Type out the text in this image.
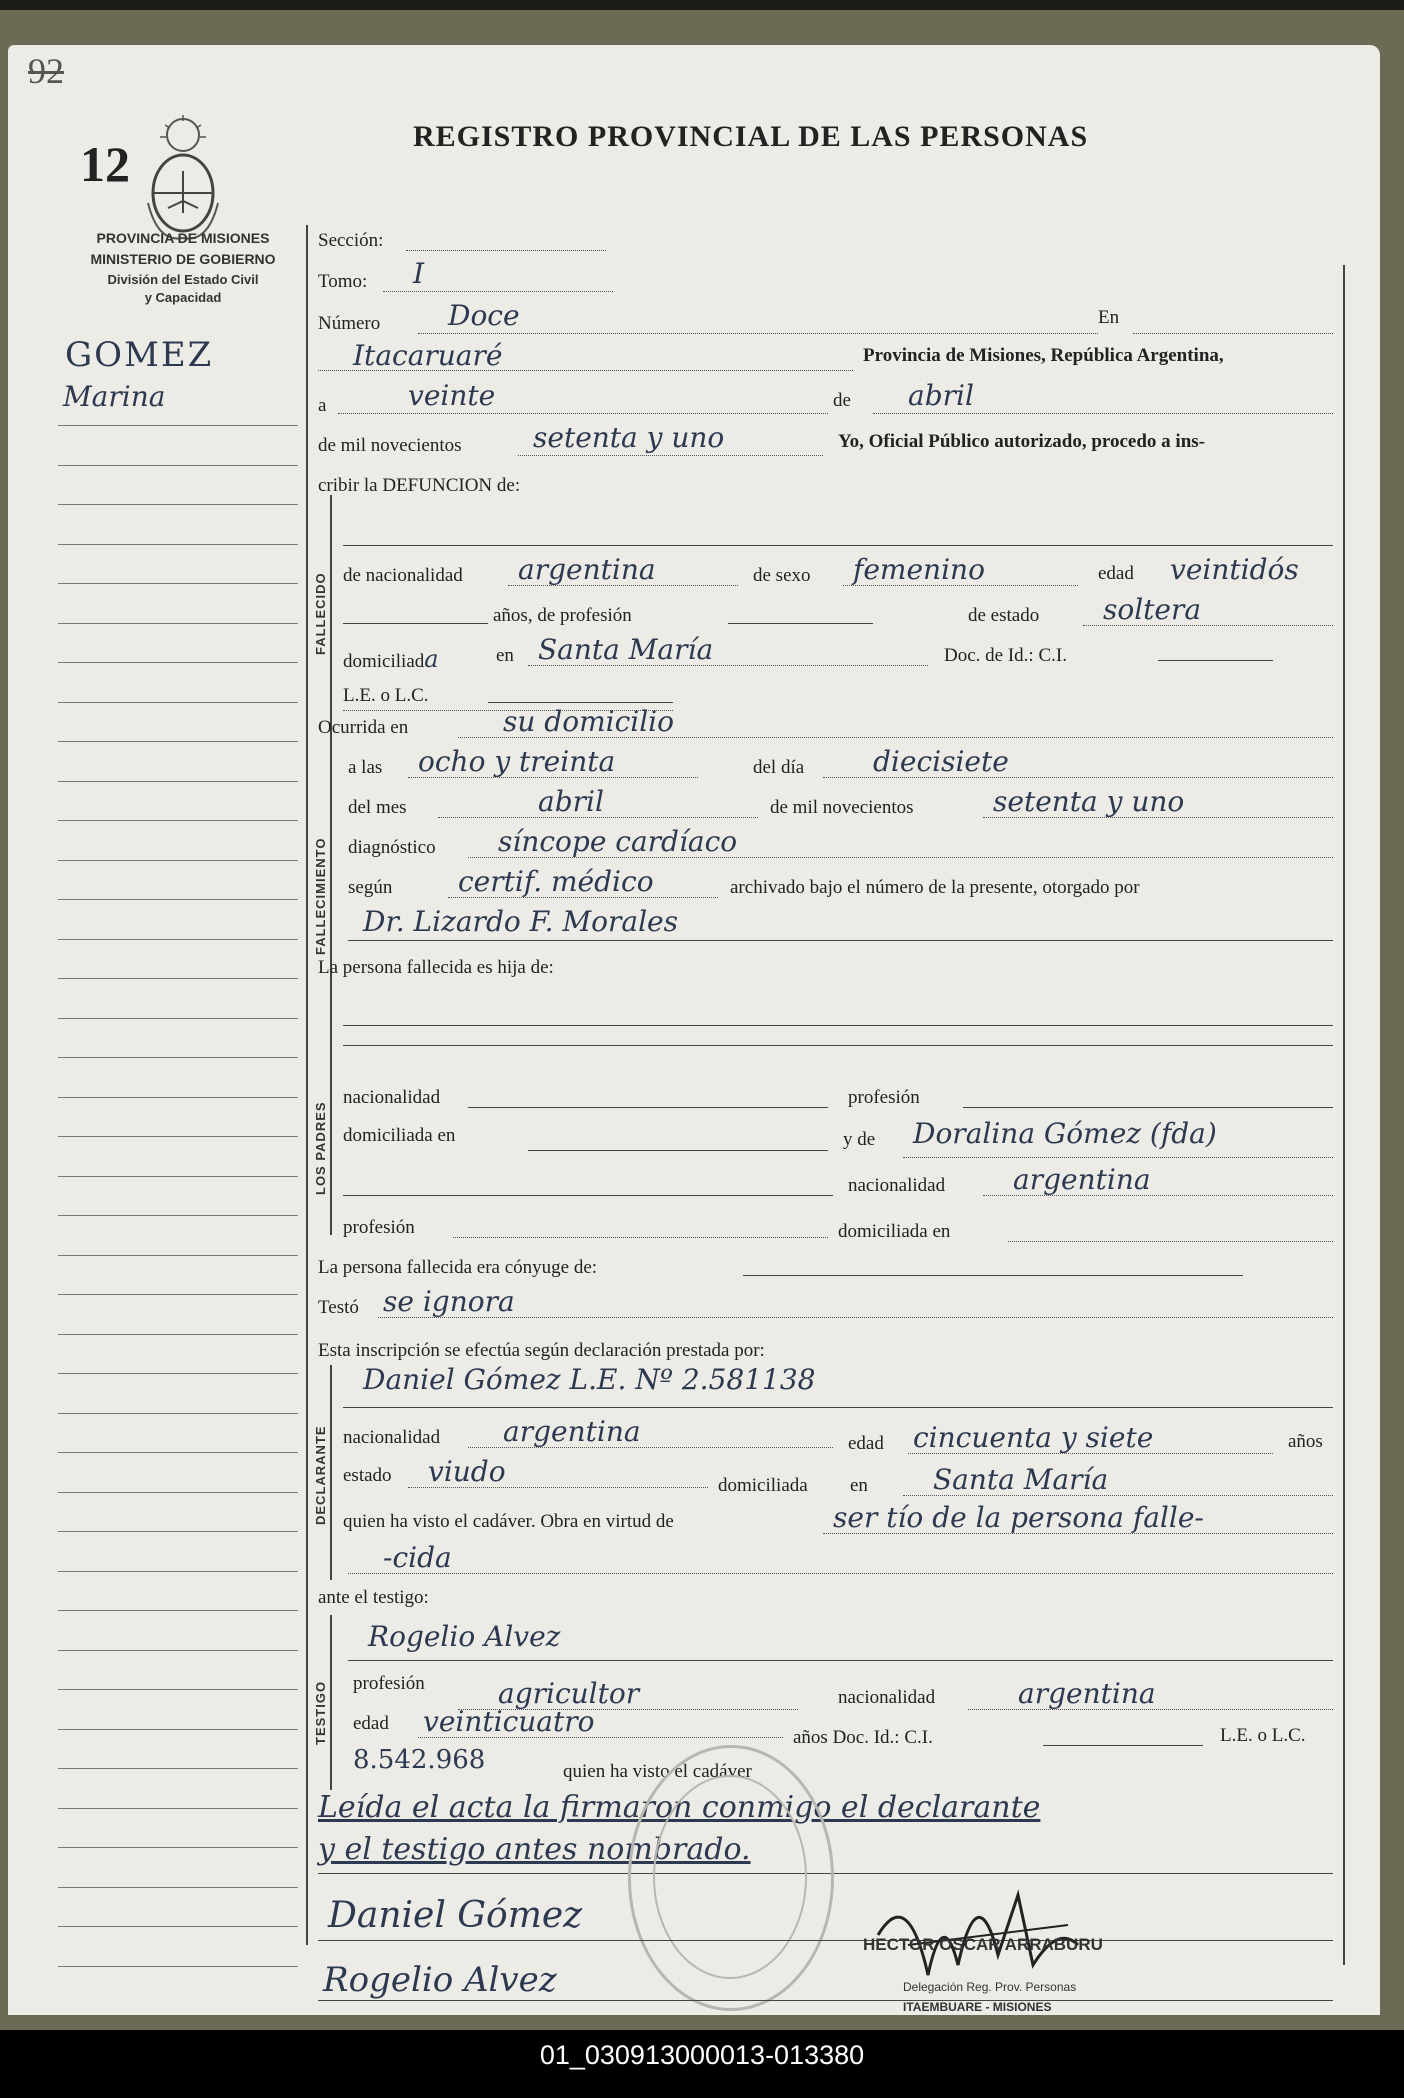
92
12	REGISTRO PROVINCIAL DE LAS PERSONAS
PROVINCIA DE MISIONES
MINISTERIO DE GOBIERNO
División del Estado Civil
y Capacidad
GOMEZ
Marina
Sección:
Tomo: I
Número Doce	En
Itacaruaré	Provincia de Misiones, República Argentina,
a	veinte	de abril
de mil novecientos	setenta y uno	Yo, Oficial Público autorizado, procedo a ins-
cribir la DEFUNCION de:
FALLECIDO de nacionalidad argentina	de sexo femenino	edad veintidós
años, de profesión	de estado soltera
domiciliada	en Santa María	Doc. de Id.: C.I.
L.E. o L.C.
Ocurrida en	su domicilio
FALLECIMIENTO
a las ocho y treinta	del día diecisiete
del mes	abril	de mil novecientos	setenta y uno
diagnóstico síncope cardíaco
según certif. médico	archivado bajo el número de la presente, otorgado por
Dr. Lizardo F. Morales
La persona fallecida es hija de:
LOS PADRES
nacionalidad	profesión
domiciliada en	y de Doralina Gómez (fda)
nacionalidad argentina
profesión	domiciliada en
La persona fallecida era cónyuge de:
Testó se ignora
Esta inscripción se efectúa según declaración prestada por:
DECLARANTE
Daniel Gómez L.E. Nº 2.581138
nacionalidad argentina	edad cincuenta y siete	años
estado viudo	domiciliada en Santa María
quien ha visto el cadáver. Obra en virtud de	ser tío de la persona falle-
-cida
ante el testigo:
TESTIGO
Rogelio Alvez
profesión	agricultor	nacionalidad	argentina
edad veinticuatro	años Doc. Id.: C.I.	L.E. o L.C.
8.542.968	quien ha visto el cadáver
Leída el acta la firmaron conmigo el declarante
y el testigo antes nombrado.
Daniel Gómez
Rogelio Alvez
HECTOR OSCAR ARRABURU
Delegación Reg. Prov. Personas
ITAEMBUARE - MISIONES
01_030913000013-013380
